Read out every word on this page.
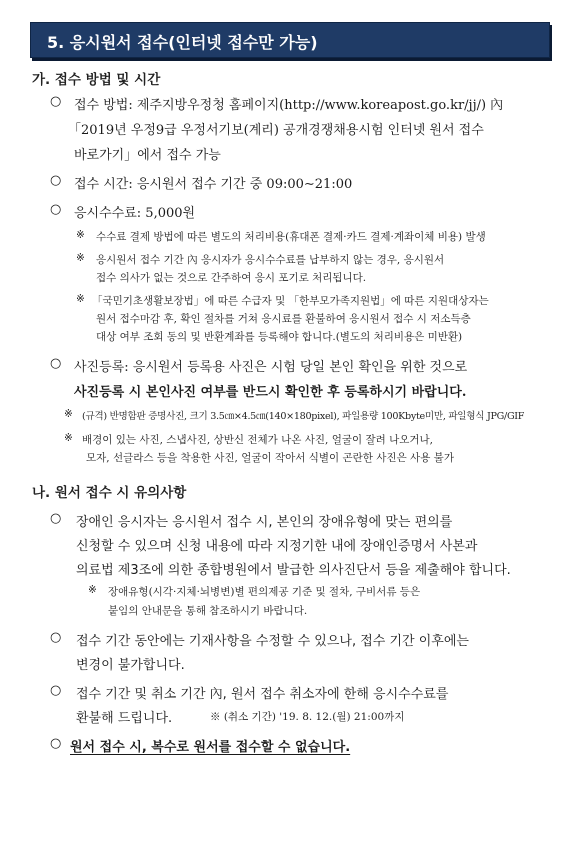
5. 응시원서 접수(인터넷 접수만 가능)
가. 접수 방법 및 시간
○ 접수 방법: 제주지방우정청 홈페이지(http://www.koreapost.go.kr/jj/) 內
「2019년 우정9급 우정서기보(계리) 공개경쟁채용시험 인터넷 원서 접수
바로가기」에서 접수 가능
○ 접수 시간: 응시원서 접수 기간 중 09:00∼21:00
○ 응시수수료: 5,000원
※ 수수료 결제 방법에 따른 별도의 처리비용(휴대폰 결제·카드 결제·계좌이체 비용) 발생
※ 응시원서 접수 기간 內 응시자가 응시수수료를 납부하지 않는 경우, 응시원서
접수 의사가 없는 것으로 간주하여 응시 포기로 처리됩니다.
※ 「국민기초생활보장법」에 따른 수급자 및 「한부모가족지원법」에 따른 지원대상자는
원서 접수마감 후, 확인 절차를 거쳐 응시료를 환불하여 응시원서 접수 시 저소득층
대상 여부 조회 동의 및 반환계좌를 등록해야 합니다.(별도의 처리비용은 미반환)
○ 사진등록: 응시원서 등록용 사진은 시험 당일 본인 확인을 위한 것으로
사진등록 시 본인사진 여부를 반드시 확인한 후 등록하시기 바랍니다.
※ (규격) 반명함판 증명사진, 크기 3.5㎝×4.5㎝(140×180pixel), 파일용량 100Kbyte미만, 파일형식 JPG/GIF
※ 배경이 있는 사진, 스냅사진, 상반신 전체가 나온 사진, 얼굴이 잘려 나오거나,
모자, 선글라스 등을 착용한 사진, 얼굴이 작아서 식별이 곤란한 사진은 사용 불가
나. 원서 접수 시 유의사항
○ 장애인 응시자는 응시원서 접수 시, 본인의 장애유형에 맞는 편의를
신청할 수 있으며 신청 내용에 따라 지정기한 내에 장애인증명서 사본과
의료법 제3조에 의한 종합병원에서 발급한 의사진단서 등을 제출해야 합니다.
※ 장애유형(시각·지체·뇌병변)별 편의제공 기준 및 절차, 구비서류 등은
붙임의 안내문을 통해 참조하시기 바랍니다.
○ 접수 기간 동안에는 기재사항을 수정할 수 있으나, 접수 기간 이후에는
변경이 불가합니다.
○ 접수 기간 및 취소 기간 內, 원서 접수 취소자에 한해 응시수수료를
환불해 드립니다.	※ (취소 기간) '19. 8. 12.(월) 21:00까지
○ 원서 접수 시, 복수로 원서를 접수할 수 없습니다.
